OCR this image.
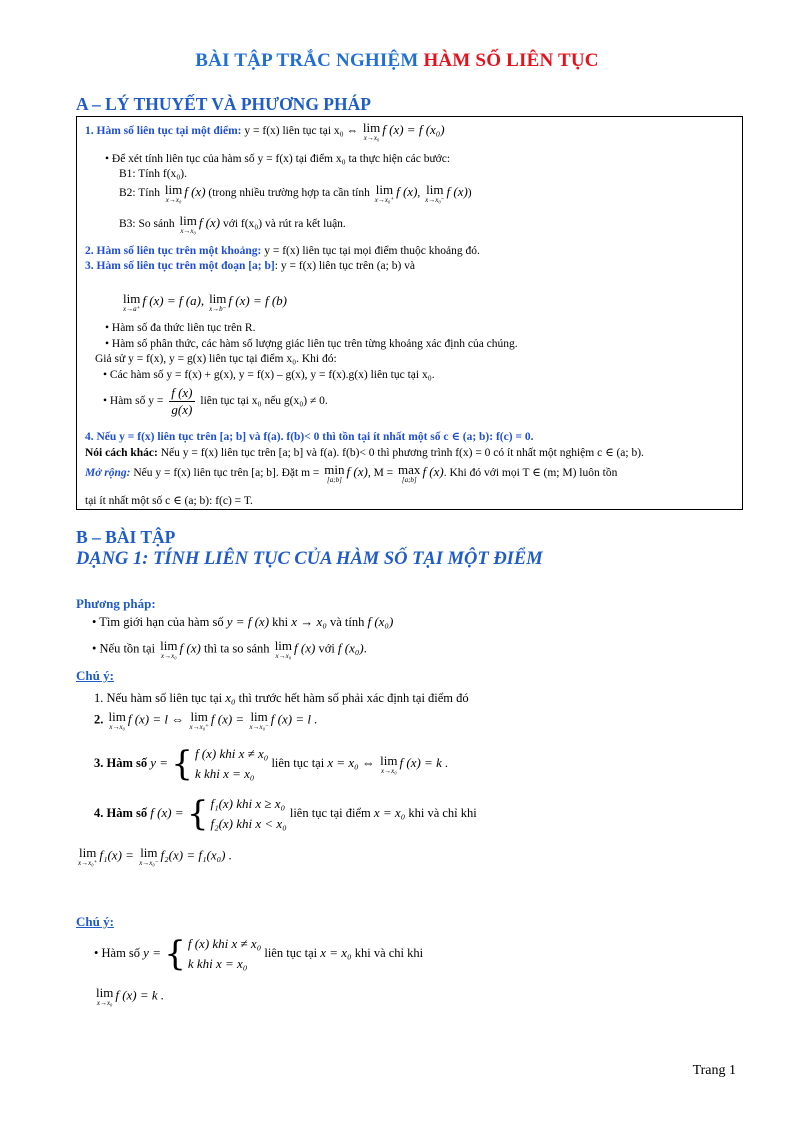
BÀI TẬP TRẮC NGHIỆM HÀM SỐ LIÊN TỤC
A – LÝ THUYẾT VÀ PHƯƠNG PHÁP
1. Hàm số liên tục tại một điểm: y = f(x) liên tục tại x₀ ⇔ lim
x→x₀
f (x) = f (x₀)
• Để xét tính liên tục của hàm số y = f(x) tại điểm x₀ ta thực hiện các bước:
B1: Tính f(x₀).
B2: Tính lim
x→x₀
f (x) (trong nhiều trường hợp ta cần tính lim
x→x₀⁺
f (x), lim
x→x₀⁻
f (x))
B3: So sánh lim
x→x₀
f (x) với f(x₀) và rút ra kết luận.
2. Hàm số liên tục trên một khoảng: y = f(x) liên tục tại mọi điểm thuộc khoảng đó.
3. Hàm số liên tục trên một đoạn [a; b]: y = f(x) liên tục trên (a; b) và
lim
x→a⁺
f (x) = f (a), lim
x→b⁻
f (x) = f (b)
• Hàm số đa thức liên tục trên R.
• Hàm số phân thức, các hàm số lượng giác liên tục trên từng khoảng xác định của chúng.
Giả sử y = f(x), y = g(x) liên tục tại điểm x₀. Khi đó:
• Các hàm số y = f(x) + g(x), y = f(x) – g(x), y = f(x).g(x) liên tục tại x₀.
• Hàm số $y = \frac{f (x)}{g(x)}$ liên tục tại x₀ nếu g(x₀) ≠ 0.
4. Nếu y = f(x) liên tục trên [a; b] và f(a). f(b)< 0 thì tồn tại ít nhất một số c ∈ (a; b): f(c) = 0.
Nói cách khác: Nếu y = f(x) liên tục trên [a; b] và f(a). f(b)< 0 thì phương trình f(x) = 0 có ít nhất một nghiệm c ∈ (a; b).
Mở rộng: Nếu y = f(x) liên tục trên [a; b]. Đặt m = min
[a;b]
f (x), M = max
[a;b]
f (x). Khi đó với mọi T ∈ (m; M) luôn tồn
tại ít nhất một số c ∈ (a; b): f(c) = T.
B – BÀI TẬP
DẠNG 1: TÍNH LIÊN TỤC CỦA HÀM SỐ TẠI MỘT ĐIỂM
Phương pháp:
• Tìm giới hạn của hàm số y = f (x) khi x → x₀ và tính f (x₀)
• Nếu tồn tại lim
x→x₀
f (x) thì ta so sánh lim
x→x₀
f (x) với f (x₀).
Chú ý:
1. Nếu hàm số liên tục tại x₀ thì trước hết hàm số phải xác định tại điểm đó
2. lim
x→x₀
f (x) = l ⇔ lim
x→x₀⁺
f (x) = lim
x→x₀⁻
f (x) = l .
3. Hàm số y = { f (x) khi x ≠ x₀
k khi x = x₀
liên tục tại x = x₀ ⇔ lim
x→x₀
f (x) = k .
4. Hàm số f (x) = { f₁(x) khi x ≥ x₀
f₂(x) khi x < x₀
liên tục tại điểm x = x₀ khi và chỉ khi
lim
x→x₀⁺
f₁(x) = lim
x→x₀⁻
f₂(x) = f₁(x₀) .
Chú ý:
• Hàm số y = { f (x) khi x ≠ x₀
k khi x = x₀
liên tục tại x = x₀ khi và chỉ khi
lim
x→x₀
f (x) = k .
Trang 1
